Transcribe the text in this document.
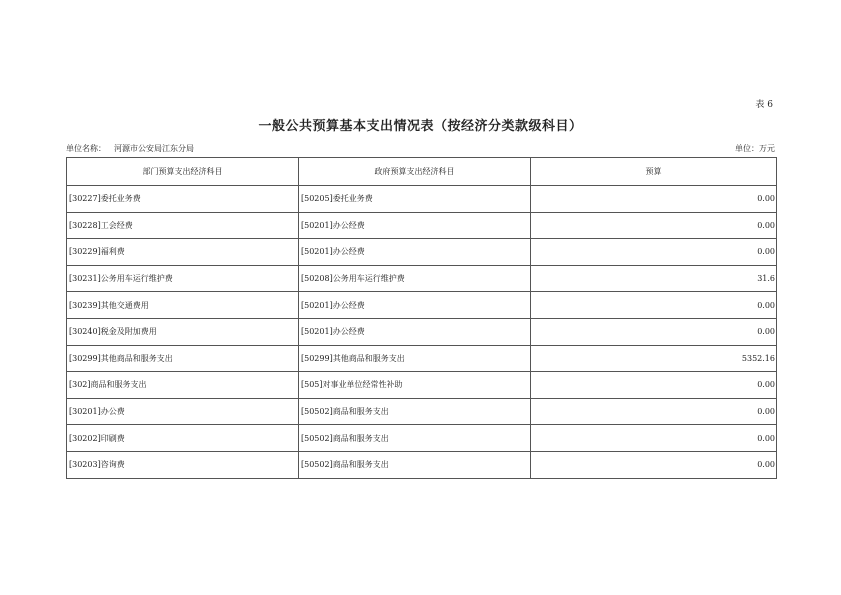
表 6
一般公共预算基本支出情况表（按经济分类款级科目）
单位名称： 河源市公安局江东分局	单位：万元
部门预算支出经济科目	政府预算支出经济科目	预算
[30227]委托业务费	[50205]委托业务费	0.00
[30228]工会经费	[50201]办公经费	0.00
[30229]福利费	[50201]办公经费	0.00
[30231]公务用车运行维护费	[50208]公务用车运行维护费	31.6
[30239]其他交通费用	[50201]办公经费	0.00
[30240]税金及附加费用	[50201]办公经费	0.00
[30299]其他商品和服务支出	[50299]其他商品和服务支出	5352.16
[302]商品和服务支出	[505]对事业单位经常性补助	0.00
[30201]办公费	[50502]商品和服务支出	0.00
[30202]印刷费	[50502]商品和服务支出	0.00
[30203]咨询费	[50502]商品和服务支出	0.00
